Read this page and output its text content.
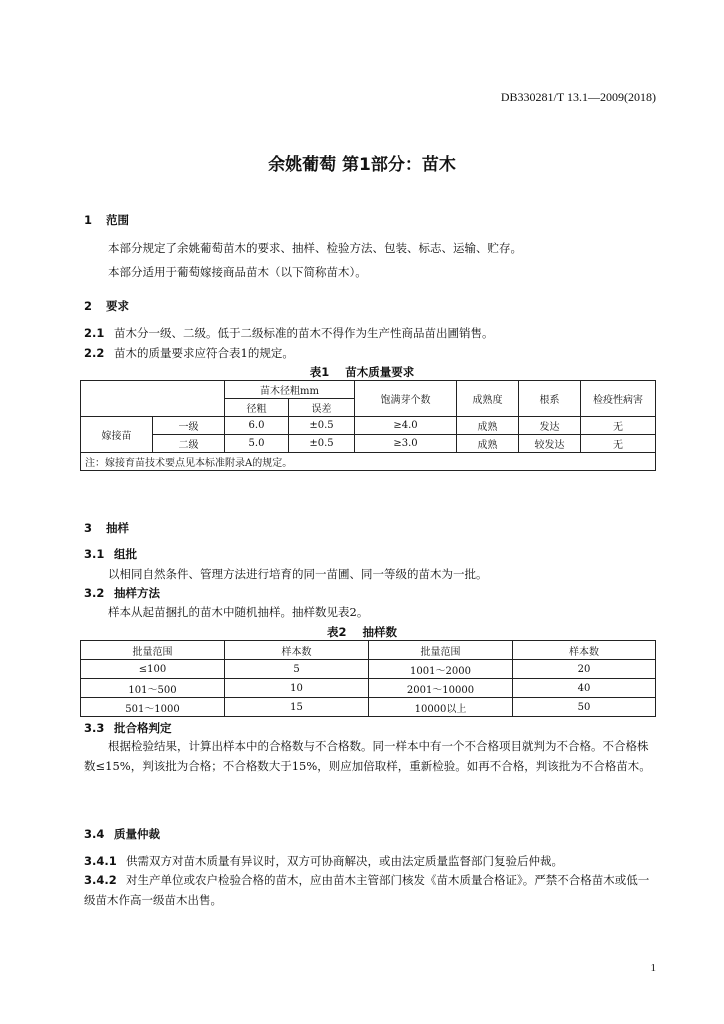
DB330281/T 13.1—2009(2018)
余姚葡萄 第1部分：苗木
1 范围
本部分规定了余姚葡萄苗木的要求、抽样、检验方法、包装、标志、运输、贮存。
本部分适用于葡萄嫁接商品苗木（以下简称苗木）。
2 要求
2.1 苗木分一级、二级。低于二级标准的苗木不得作为生产性商品苗出圃销售。
2.2 苗木的质量要求应符合表1的规定。
表1 苗木质量要求
		苗木径粗mm		饱满芽个数	成熟度	根系	检疫性病害
		径粗	误差				
嫁接苗	一级	6.0	±0.5	≥4.0	成熟	发达	无
	二级	5.0	±0.5	≥3.0	成熟	较发达	无
注：嫁接育苗技术要点见本标准附录A的规定。							
3 抽样
3.1 组批
以相同自然条件、管理方法进行培育的同一苗圃、同一等级的苗木为一批。
3.2 抽样方法
样本从起苗捆扎的苗木中随机抽样。抽样数见表2。
表2 抽样数
批量范围	样本数	批量范围	样本数
≤100	5	1001～2000	20
101～500	10	2001～10000	40
501～1000	15	10000以上	50
3.3 批合格判定
根据检验结果，计算出样本中的合格数与不合格数。同一样本中有一个不合格项目就判为不合格。不合格株数≤15%，判该批为合格；不合格数大于15%，则应加倍取样，重新检验。如再不合格，判该批为不合格苗木。
3.4 质量仲裁
3.4.1 供需双方对苗木质量有异议时，双方可协商解决，或由法定质量监督部门复验后仲裁。
3.4.2 对生产单位或农户检验合格的苗木，应由苗木主管部门核发《苗木质量合格证》。严禁不合格苗木或低一级苗木作高一级苗木出售。
1
